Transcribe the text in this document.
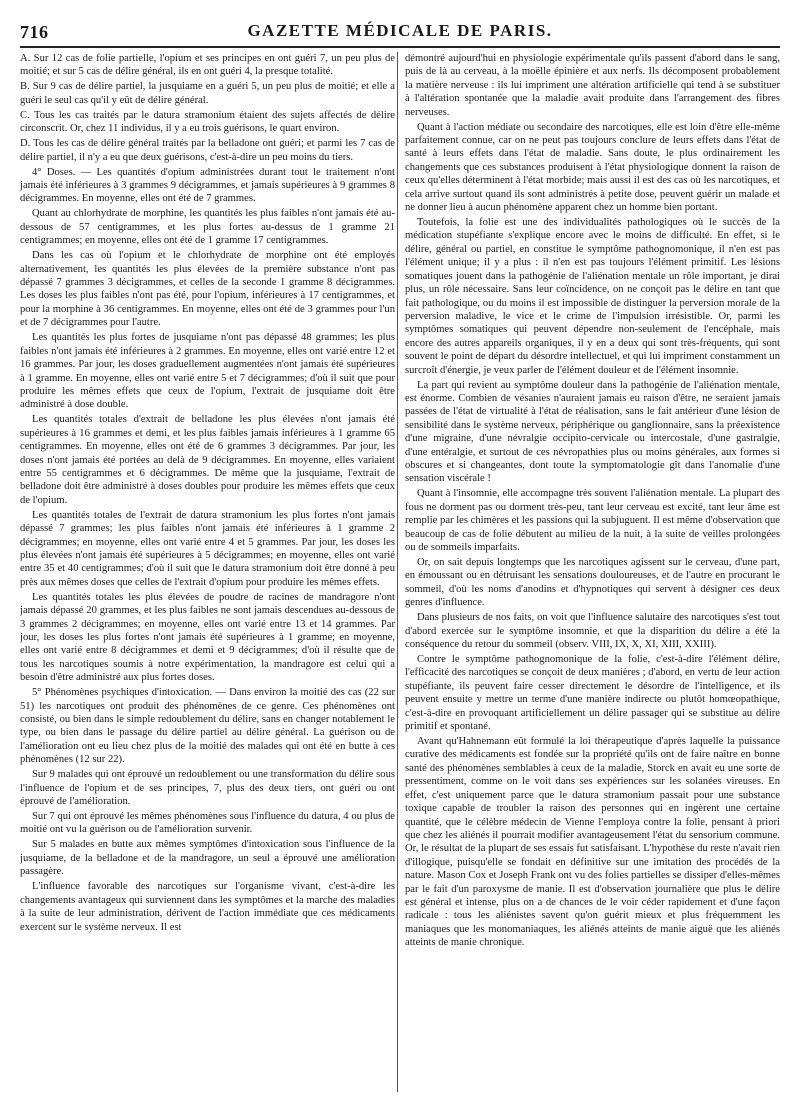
716	GAZETTE MÉDICALE DE PARIS.

A. Sur 12 cas de folie partielle, l'opium et ses principes en ont guéri 7, un peu plus de moitié; et sur 5 cas de délire général, ils en ont guéri 4, la presque totalité.

B. Sur 9 cas de délire partiel, la jusquiame en a guéri 5, un peu plus de moitié; et elle a guéri le seul cas qu'il y eût de délire général.

C. Tous les cas traités par le datura stramonium étaient des sujets affectés de délire circonscrit. Or, chez 11 individus, il y a eu trois guérisons, le quart environ.

D. Tous les cas de délire général traités par la belladone ont guéri; et parmi les 7 cas de délire partiel, il n'y a eu que deux guérisons, c'est-à-dire un peu moins du tiers.

4° Doses. — Les quantités d'opium administrées durant tout le traitement n'ont jamais été inférieures à 3 grammes 9 décigrammes, et jamais supérieures à 9 grammes 8 décigrammes. En moyenne, elles ont été de 7 grammes.

Quant au chlorhydrate de morphine, les quantités les plus faibles n'ont jamais été au-dessous de 57 centigrammes, et les plus fortes au-dessus de 1 gramme 21 centigrammes; en moyenne, elles ont été de 1 gramme 17 centigrammes.

Dans les cas où l'opium et le chlorhydrate de morphine ont été employés alternativement, les quantités les plus élevées de la première substance n'ont pas dépassé 7 grammes 3 décigrammes, et celles de la seconde 1 gramme 8 décigrammes. Les doses les plus faibles n'ont pas été, pour l'opium, inférieures à 17 centigrammes, et pour la morphine à 36 centigrammes. En moyenne, elles ont été de 3 grammes pour l'un et de 7 décigrammes pour l'autre.

Les quantités les plus fortes de jusquiame n'ont pas dépassé 48 grammes; les plus faibles n'ont jamais été inférieures à 2 grammes. En moyenne, elles ont varié entre 12 et 16 grammes. Par jour, les doses graduellement augmentées n'ont jamais été supérieures à 1 gramme. En moyenne, elles ont varié entre 5 et 7 décigrammes; d'où il suit que pour produire les mêmes effets que ceux de l'opium, l'extrait de jusquiame doit être administré à dose double.

Les quantités totales d'extrait de belladone les plus élevées n'ont jamais été supérieures à 16 grammes et demi, et les plus faibles jamais inférieures à 1 gramme 65 centigrammes. En moyenne, elles ont été de 6 grammes 3 décigrammes. Par jour, les doses n'ont jamais été portées au delà de 9 décigrammes. En moyenne, elles variaient entre 55 centigrammes et 6 décigrammes. De même que la jusquiame, l'extrait de belladone doit être administré à doses doubles pour produire les mêmes effets que ceux de l'opium.

Les quantités totales de l'extrait de datura stramonium les plus fortes n'ont jamais dépassé 7 grammes; les plus faibles n'ont jamais été inférieures à 1 gramme 2 décigrammes; en moyenne, elles ont varié entre 4 et 5 grammes. Par jour, les doses les plus élevées n'ont jamais été supérieures à 5 décigrammes; en moyenne, elles ont varié entre 35 et 40 centigrammes; d'où il suit que le datura stramonium doit être donné à peu près aux mêmes doses que celles de l'extrait d'opium pour produire les mêmes effets.

Les quantités totales les plus élevées de poudre de racines de mandragore n'ont jamais dépassé 20 grammes, et les plus faibles ne sont jamais descendues au-dessous de 3 grammes 2 décigrammes; en moyenne, elles ont varié entre 13 et 14 grammes. Par jour, les doses les plus fortes n'ont jamais été supérieures à 1 gramme; en moyenne, elles ont varié entre 8 décigrammes et demi et 9 décigrammes; d'où il résulte que de tous les narcotiques soumis à notre expérimentation, la mandragore est celui qui a besoin d'être administré aux plus fortes doses.

5° Phénomènes psychiques d'intoxication. — Dans environ la moitié des cas (22 sur 51) les narcotiques ont produit des phénomènes de ce genre. Ces phénomènes ont consisté, ou bien dans le simple redoublement du délire, sans en changer notablement le type, ou bien dans le passage du délire partiel au délire général. La guérison ou de l'amélioration ont eu lieu chez plus de la moitié des malades qui ont été en butte à ces phénomènes (12 sur 22).

Sur 9 malades qui ont éprouvé un redoublement ou une transformation du délire sous l'influence de l'opium et de ses principes, 7, plus des deux tiers, ont guéri ou ont éprouvé de l'amélioration.

Sur 7 qui ont éprouvé les mêmes phénomènes sous l'influence du datura, 4 ou plus de moitié ont vu la guérison ou de l'amélioration survenir.

Sur 5 malades en butte aux mêmes symptômes d'intoxication sous l'influence de la jusquiame, de la belladone et de la mandragore, un seul a éprouvé une amélioration passagère.

L'influence favorable des narcotiques sur l'organisme vivant, c'est-à-dire les changements avantageux qui surviennent dans les symptômes et la marche des maladies à la suite de leur administration, dérivent de l'action immédiate que ces médicaments exercent sur le système nerveux. Il est

démontré aujourd'hui en physiologie expérimentale qu'ils passent d'abord dans le sang, puis de là au cerveau, à la moëlle épinière et aux nerfs. Ils décomposent probablement la matière nerveuse : ils lui impriment une altération artificielle qui tend à se substituer à l'altération spontanée que la maladie avait produite dans l'arrangement des fibres nerveuses.

Quant à l'action médiate ou secondaire des narcotiques, elle est loin d'être elle-même parfaitement connue, car on ne peut pas toujours conclure de leurs effets dans l'état de santé à leurs effets dans l'état de maladie. Sans doute, le plus ordinairement les changements que ces substances produisent à l'état physiologique donnent la raison de ceux qu'elles déterminent à l'état morbide; mais aussi il est des cas où les narcotiques, et cela arrive surtout quand ils sont administrés à petite dose, peuvent guérir un malade et ne donner lieu à aucun phénomène apparent chez un homme bien portant.

Toutefois, la folie est une des individualités pathologiques où le succès de la médication stupéfiante s'explique encore avec le moins de difficulté. En effet, si le délire, général ou partiel, en constitue le symptôme pathognomonique, il n'en est pas l'élément unique; il y a plus : il n'en est pas toujours l'élément primitif. Les lésions somatiques jouent dans la pathogénie de l'aliénation mentale un rôle important, je dirai plus, un rôle nécessaire. Sans leur coïncidence, on ne conçoit pas le délire en tant que fait pathologique, ou du moins il est impossible de distinguer la perversion morale de la perversion maladive, le vice et le crime de l'impulsion irrésistible. Or, parmi les symptômes somatiques qui peuvent dépendre non-seulement de l'encéphale, mais encore des autres appareils organiques, il y en a deux qui sont très-fréquents, qui sont souvent le point de départ du désordre intellectuel, et qui lui impriment constamment un surcroît d'énergie, je veux parler de l'élément douleur et de l'élément insomnie.

La part qui revient au symptôme douleur dans la pathogénie de l'aliénation mentale, est énorme. Combien de vésanies n'auraient jamais eu raison d'être, ne seraient jamais passées de l'état de virtualité à l'état de réalisation, sans le fait antérieur d'une lésion de sensibilité dans le système nerveux, périphérique ou ganglionnaire, sans la préexistence d'une migraine, d'une névralgie occipito-cervicale ou intercostale, d'une gastralgie, d'une entéralgie, et surtout de ces névropathies plus ou moins générales, aux formes si obscures et si changeantes, dont toute la symptomatologie gît dans l'anomalie d'une sensation viscérale !

Quant à l'insomnie, elle accompagne très souvent l'aliénation mentale. La plupart des fous ne dorment pas ou dorment très-peu, tant leur cerveau est excité, tant leur âme est remplie par les chimères et les passions qui la subjuguent. Il est même d'observation que beaucoup de cas de folie débutent au milieu de la nuit, à la suite de veilles prolongées ou de sommeils imparfaits.

Or, on sait depuis longtemps que les narcotiques agissent sur le cerveau, d'une part, en émoussant ou en détruisant les sensations douloureuses, et de l'autre en procurant le sommeil, d'où les noms d'anodins et d'hypnotiques qui servent à désigner ces deux genres d'influence.

Dans plusieurs de nos faits, on voit que l'influence salutaire des narcotiques s'est tout d'abord exercée sur le symptôme insomnie, et que la disparition du délire a été la conséquence du retour du sommeil (observ. VIII, IX, X, XI, XIII, XXIII).

Contre le symptôme pathognomonique de la folie, c'est-à-dire l'élément délire, l'efficacité des narcotiques se conçoit de deux manières ; d'abord, en vertu de leur action stupéfiante, ils peuvent faire cesser directement le désordre de l'intelligence, et ils peuvent ensuite y mettre un terme d'une manière indirecte ou plutôt homœopathique, c'est-à-dire en provoquant artificiellement un délire passager qui se substitue au délire primitif et spontané.

Avant qu'Hahnemann eût formulé la loi thérapeutique d'après laquelle la puissance curative des médicaments est fondée sur la propriété qu'ils ont de faire naître en bonne santé des phénomènes semblables à ceux de la maladie, Storck en avait eu une sorte de pressentiment, comme on le voit dans ses expériences sur les solanées vireuses. En effet, c'est uniquement parce que le datura stramonium passait pour une substance toxique capable de troubler la raison des personnes qui en ingèrent une certaine quantité, que le célèbre médecin de Vienne l'employa contre la folie, pensant à priori que chez les aliénés il pourrait modifier avantageusement l'état du sensorium commune. Or, le résultat de la plupart de ses essais fut satisfaisant. L'hypothèse du reste n'avait rien d'illogique, puisqu'elle se fondait en définitive sur une imitation des procédés de la nature. Mason Cox et Joseph Frank ont vu des folies partielles se dissiper d'elles-mêmes par le fait d'un paroxysme de manie. Il est d'observation journalière que plus le délire est général et intense, plus on a de chances de le voir céder rapidement et d'une façon radicale : tous les aliénistes savent qu'on guérit mieux et plus fréquemment les maniaques que les monomaniaques, les aliénés atteints de manie aiguë que les aliénés atteints de manie chronique.
